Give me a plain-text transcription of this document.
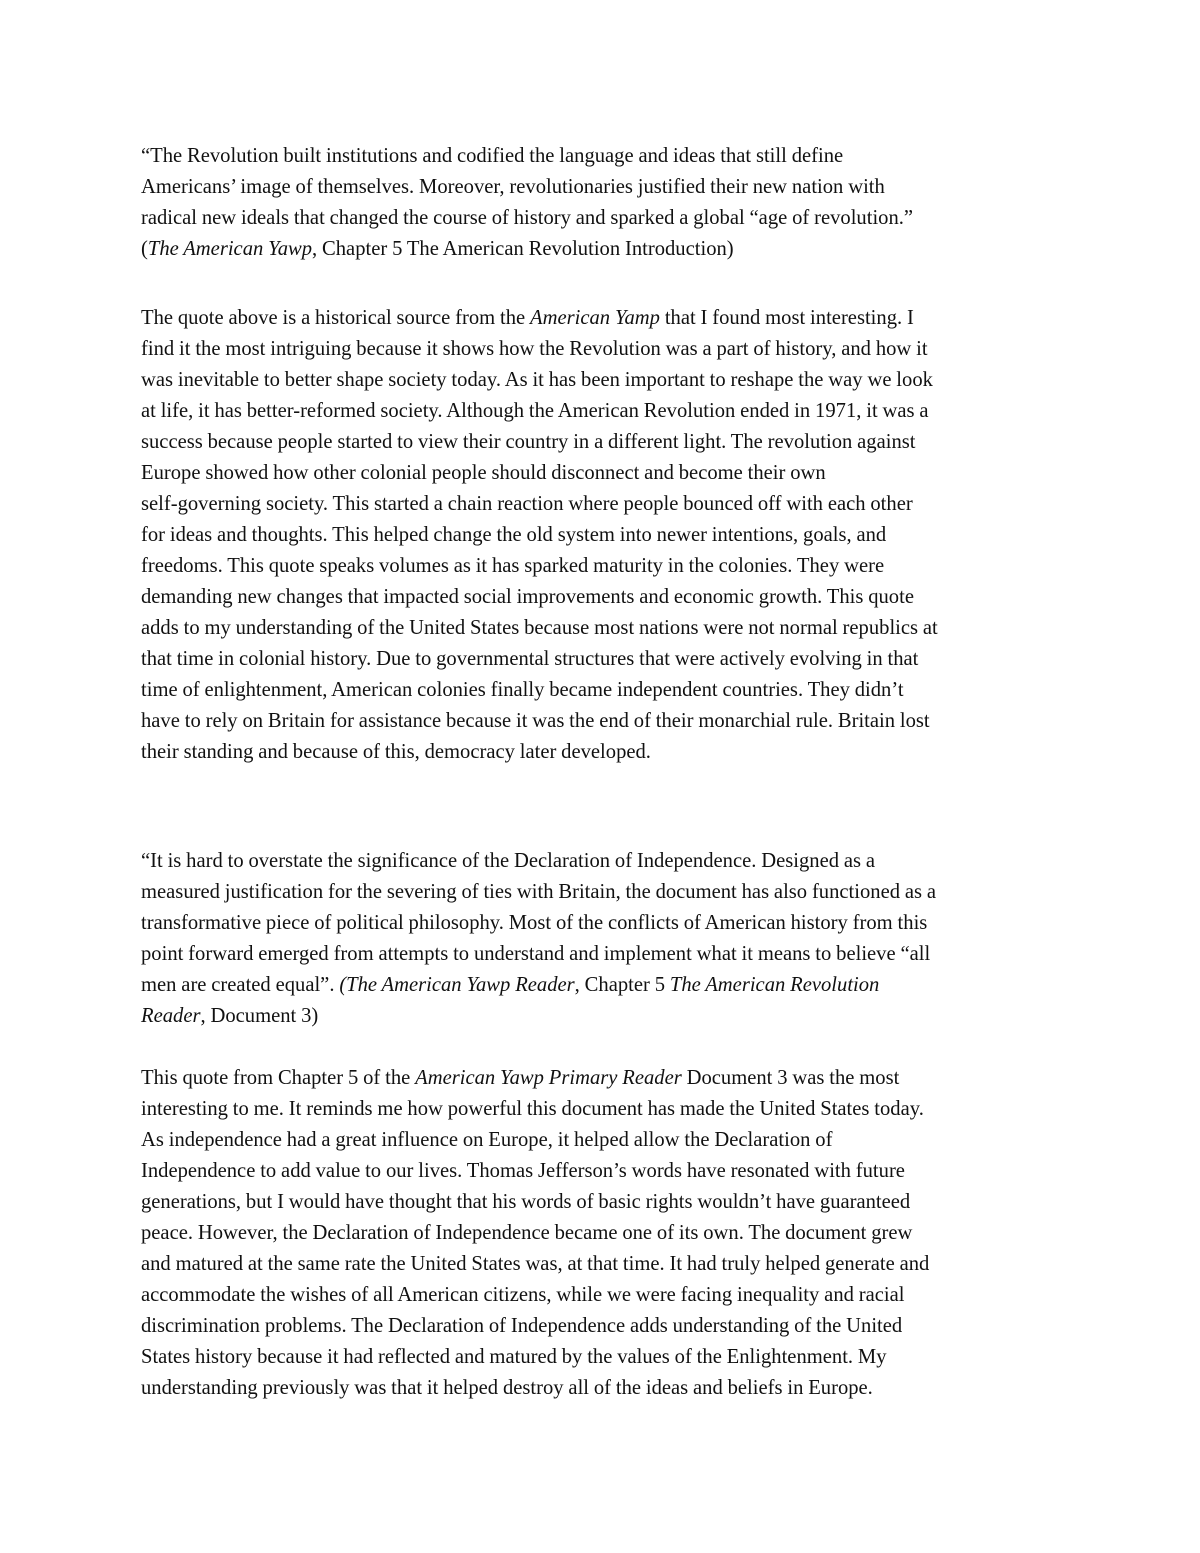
“The Revolution built institutions and codified the language and ideas that still define
Americans’ image of themselves. Moreover, revolutionaries justified their new nation with
radical new ideals that changed the course of history and sparked a global “age of revolution.”
(The American Yawp, Chapter 5 The American Revolution Introduction)

The quote above is a historical source from the American Yamp that I found most interesting. I
find it the most intriguing because it shows how the Revolution was a part of history, and how it
was inevitable to better shape society today. As it has been important to reshape the way we look
at life, it has better-reformed society. Although the American Revolution ended in 1971, it was a
success because people started to view their country in a different light. The revolution against
Europe showed how other colonial people should disconnect and become their own
self-governing society. This started a chain reaction where people bounced off with each other
for ideas and thoughts. This helped change the old system into newer intentions, goals, and
freedoms. This quote speaks volumes as it has sparked maturity in the colonies. They were
demanding new changes that impacted social improvements and economic growth. This quote
adds to my understanding of the United States because most nations were not normal republics at
that time in colonial history. Due to governmental structures that were actively evolving in that
time of enlightenment, American colonies finally became independent countries. They didn’t
have to rely on Britain for assistance because it was the end of their monarchial rule. Britain lost
their standing and because of this, democracy later developed.

“It is hard to overstate the significance of the Declaration of Independence. Designed as a
measured justification for the severing of ties with Britain, the document has also functioned as a
transformative piece of political philosophy. Most of the conflicts of American history from this
point forward emerged from attempts to understand and implement what it means to believe “all
men are created equal”. (The American Yawp Reader, Chapter 5 The American Revolution
Reader, Document 3)

This quote from Chapter 5 of the American Yawp Primary Reader Document 3 was the most
interesting to me. It reminds me how powerful this document has made the United States today.
As independence had a great influence on Europe, it helped allow the Declaration of
Independence to add value to our lives. Thomas Jefferson’s words have resonated with future
generations, but I would have thought that his words of basic rights wouldn’t have guaranteed
peace. However, the Declaration of Independence became one of its own. The document grew
and matured at the same rate the United States was, at that time. It had truly helped generate and
accommodate the wishes of all American citizens, while we were facing inequality and racial
discrimination problems. The Declaration of Independence adds understanding of the United
States history because it had reflected and matured by the values of the Enlightenment. My
understanding previously was that it helped destroy all of the ideas and beliefs in Europe.
